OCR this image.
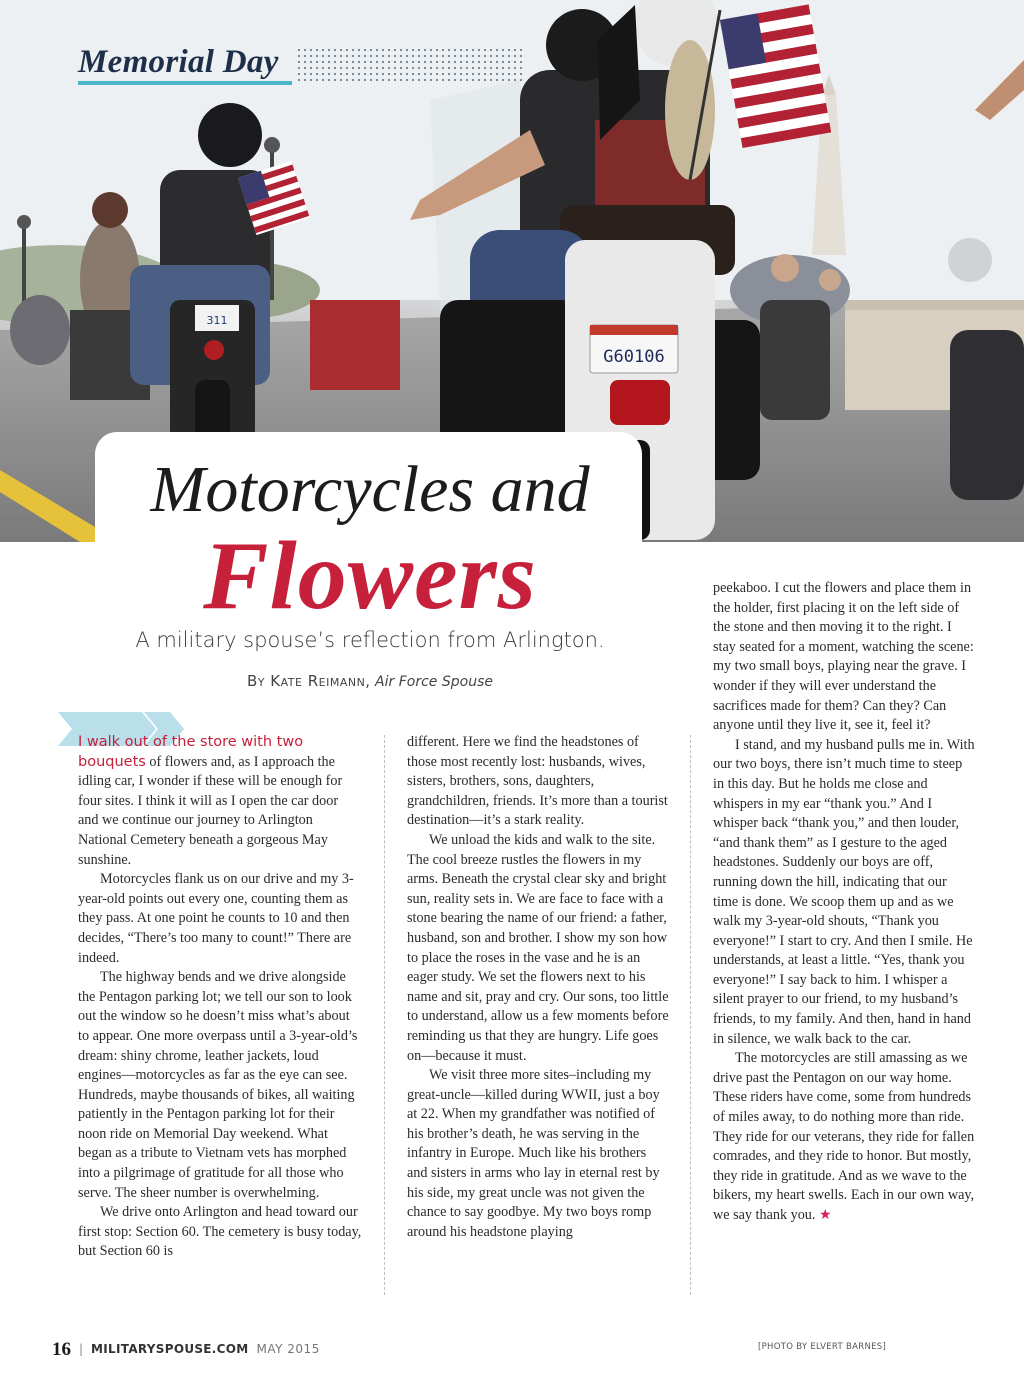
311
G60106
Memorial Day
Motorcycles and
Flowers
A military spouse’s reflection from Arlington.
By Kate Reimann, Air Force Spouse

I walk out of the store with two bouquets of flowers and, as I approach the idling car, I wonder if these will be enough for four sites. I think it will as I open the car door and we continue our journey to Arlington National Cemetery beneath a gorgeous May sunshine.

Motorcycles flank us on our drive and my 3-year-old points out every one, counting them as they pass. At one point he counts to 10 and then decides, “There’s too many to count!” There are indeed.

The highway bends and we drive alongside the Pentagon parking lot; we tell our son to look out the window so he doesn’t miss what’s about to appear. One more overpass until a 3-year-old’s dream: shiny chrome, leather jackets, loud engines—motorcycles as far as the eye can see. Hundreds, maybe thousands of bikes, all waiting patiently in the Pentagon parking lot for their noon ride on Memorial Day weekend. What began as a tribute to Vietnam vets has morphed into a pilgrimage of gratitude for all those who serve. The sheer number is overwhelming.

We drive onto Arlington and head toward our first stop: Section 60. The cemetery is busy today, but Section 60 is

different. Here we find the headstones of those most recently lost: husbands, wives, sisters, brothers, sons, daughters, grandchildren, friends. It’s more than a tourist destination—it’s a stark reality.

We unload the kids and walk to the site. The cool breeze rustles the flowers in my arms. Beneath the crystal clear sky and bright sun, reality sets in. We are face to face with a stone bearing the name of our friend: a father, husband, son and brother. I show my son how to place the roses in the vase and he is an eager study. We set the flowers next to his name and sit, pray and cry. Our sons, too little to understand, allow us a few moments before reminding us that they are hungry. Life goes on—because it must.

We visit three more sites–including my great-uncle—killed during WWII, just a boy at 22. When my grandfather was notified of his brother’s death, he was serving in the infantry in Europe. Much like his brothers and sisters in arms who lay in eternal rest by his side, my great uncle was not given the chance to say goodbye. My two boys romp around his headstone playing

peekaboo. I cut the flowers and place them in the holder, first placing it on the left side of the stone and then moving it to the right. I stay seated for a moment, watching the scene: my two small boys, playing near the grave. I wonder if they will ever understand the sacrifices made for them? Can they? Can anyone until they live it, see it, feel it?

I stand, and my husband pulls me in. With our two boys, there isn’t much time to steep in this day. But he holds me close and whispers in my ear “thank you.” And I whisper back “thank you,” and then louder, “and thank them” as I gesture to the aged headstones. Suddenly our boys are off, running down the hill, indicating that our time is done. We scoop them up and as we walk my 3-year-old shouts, “Thank you everyone!” I start to cry. And then I smile. He understands, at least a little. “Yes, thank you everyone!” I say back to him. I whisper a silent prayer to our friend, to my husband’s friends, to my family. And then, hand in hand in silence, we walk back to the car.

The motorcycles are still amassing as we drive past the Pentagon on our way home. These riders have come, some from hundreds of miles away, to do nothing more than ride. They ride for our veterans, they ride for fallen comrades, and they ride to honor. But mostly, they ride in gratitude. And as we wave to the bikers, my heart swells. Each in our own way, we say thank you. ★

16 | MILITARYSPOUSE.COM MAY 2015	[PHOTO BY ELVERT BARNES]
